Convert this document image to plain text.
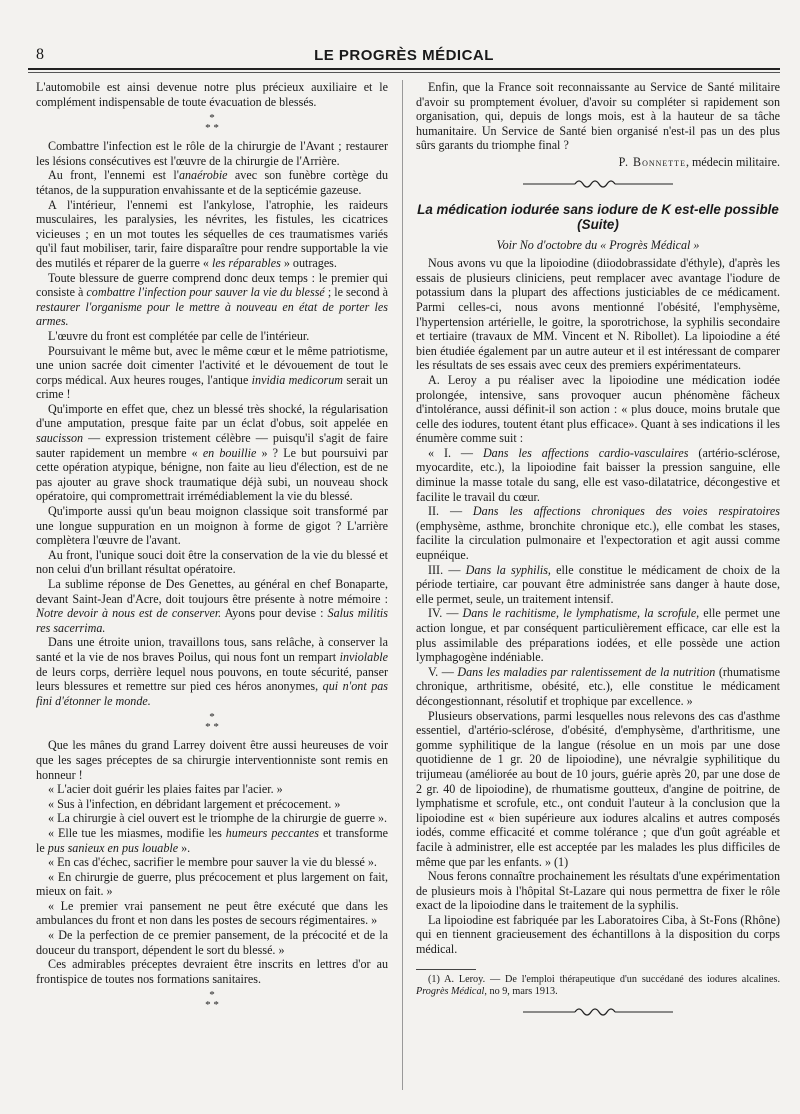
8	LE PROGRÈS MÉDICAL

L'automobile est ainsi devenue notre plus précieux auxiliaire et le complément indispensable de toute évacuation de blessés.

*
* *

Combattre l'infection est le rôle de la chirurgie de l'Avant ; restaurer les lésions consécutives est l'œuvre de la chirurgie de l'Arrière.

Au front, l'ennemi est l'anaérobie avec son funèbre cortège du tétanos, de la suppuration envahissante et de la septicémie gazeuse.

A l'intérieur, l'ennemi est l'ankylose, l'atrophie, les raideurs musculaires, les paralysies, les névrites, les fistules, les cicatrices vicieuses ; en un mot toutes les séquelles de ces traumatismes variés qu'il faut mobiliser, tarir, faire disparaître pour rendre supportable la vie des mutilés et réparer de la guerre « les réparables » outrages.

Toute blessure de guerre comprend donc deux temps : le premier qui consiste à combattre l'infection pour sauver la vie du blessé ; le second à restaurer l'organisme pour le mettre à nouveau en état de porter les armes.

L'œuvre du front est complétée par celle de l'intérieur.

Poursuivant le même but, avec le même cœur et le même patriotisme, une union sacrée doit cimenter l'activité et le dévouement de tout le corps médical. Aux heures rouges, l'antique invidia medicorum serait un crime !

Qu'importe en effet que, chez un blessé très shocké, la régularisation d'une amputation, presque faite par un éclat d'obus, soit appelée en saucisson — expression tristement célèbre — puisqu'il s'agit de faire sauter rapidement un membre « en bouillie » ? Le but poursuivi par cette opération atypique, bénigne, non faite au lieu d'élection, est de ne pas ajouter au grave shock traumatique déjà subi, un nouveau shock opératoire, qui compromettrait irrémédiablement la vie du blessé.

Qu'importe aussi qu'un beau moignon classique soit transformé par une longue suppuration en un moignon à forme de gigot ? L'arrière complètera l'œuvre de l'avant.

Au front, l'unique souci doit être la conservation de la vie du blessé et non celui d'un brillant résultat opératoire.

La sublime réponse de Des Genettes, au général en chef Bonaparte, devant Saint-Jean d'Acre, doit toujours être présente à notre mémoire : Notre devoir à nous est de conserver. Ayons pour devise : Salus militis res sacerrima.

Dans une étroite union, travaillons tous, sans relâche, à conserver la santé et la vie de nos braves Poilus, qui nous font un rempart inviolable de leurs corps, derrière lequel nous pouvons, en toute sécurité, panser leurs blessures et remettre sur pied ces héros anonymes, qui n'ont pas fini d'étonner le monde.

*
* *

Que les mânes du grand Larrey doivent être aussi heureuses de voir que les sages préceptes de sa chirurgie interventionniste sont remis en honneur !

« L'acier doit guérir les plaies faites par l'acier. »

« Sus à l'infection, en débridant largement et précocement. »

« La chirurgie à ciel ouvert est le triomphe de la chirurgie de guerre ».

« Elle tue les miasmes, modifie les humeurs peccantes et transforme le pus sanieux en pus louable ».

« En cas d'échec, sacrifier le membre pour sauver la vie du blessé ».

« En chirurgie de guerre, plus précocement et plus largement on fait, mieux on fait. »

« Le premier vrai pansement ne peut être exécuté que dans les ambulances du front et non dans les postes de secours régimentaires. »

« De la perfection de ce premier pansement, de la précocité et de la douceur du transport, dépendent le sort du blessé. »

Ces admirables préceptes devraient être inscrits en lettres d'or au frontispice de toutes nos formations sanitaires.

*
* *

Enfin, que la France soit reconnaissante au Service de Santé militaire d'avoir su promptement évoluer, d'avoir su compléter si rapidement son organisation, qui, depuis de longs mois, est à la hauteur de sa tâche humanitaire. Un Service de Santé bien organisé n'est-il pas un des plus sûrs garants du triomphe final ?

P. Bonnette, médecin militaire.
La médication iodurée sans iodure de K est-elle possible (Suite)
Voir No d'octobre du « Progrès Médical »

Nous avons vu que la lipoiodine (diiodobrassidate d'éthyle), d'après les essais de plusieurs cliniciens, peut remplacer avec avantage l'iodure de potassium dans la plupart des affections justiciables de ce médicament. Parmi celles-ci, nous avons mentionné l'obésité, l'emphysème, l'hypertension artérielle, le goitre, la sporotrichose, la syphilis secondaire et tertiaire (travaux de MM. Vincent et N. Ribollet). La lipoiodine a été bien étudiée également par un autre auteur et il est intéressant de comparer les résultats de ses essais avec ceux des premiers expérimentateurs.

A. Leroy a pu réaliser avec la lipoiodine une médication iodée prolongée, intensive, sans provoquer aucun phénomène fâcheux d'intolérance, aussi définit-il son action : « plus douce, moins brutale que celle des iodures, toutent étant plus efficace». Quant à ses indications il les énumère comme suit :

« I. — Dans les affections cardio-vasculaires (artério-sclérose, myocardite, etc.), la lipoiodine fait baisser la pression sanguine, elle diminue la masse totale du sang, elle est vaso-dilatatrice, décongestive et facilite le travail du cœur.

II. — Dans les affections chroniques des voies respiratoires (emphysème, asthme, bronchite chronique etc.), elle combat les stases, facilite la circulation pulmonaire et l'expectoration et agit aussi comme eupnéique.

III. — Dans la syphilis, elle constitue le médicament de choix de la période tertiaire, car pouvant être administrée sans danger à haute dose, elle permet, seule, un traitement intensif.

IV. — Dans le rachitisme, le lymphatisme, la scrofule, elle permet une action longue, et par conséquent particulièrement efficace, car elle est la plus assimilable des préparations iodées, et elle possède une action lymphagogène indéniable.

V. — Dans les maladies par ralentissement de la nutrition (rhumatisme chronique, arthritisme, obésité, etc.), elle constitue le médicament décongestionnant, résolutif et trophique par excellence. »

Plusieurs observations, parmi lesquelles nous relevons des cas d'asthme essentiel, d'artério-sclérose, d'obésité, d'emphysème, d'arthritisme, une gomme syphilitique de la langue (résolue en un mois par une dose quotidienne de 1 gr. 20 de lipoiodine), une névralgie syphilitique du trijumeau (améliorée au bout de 10 jours, guérie après 20, par une dose de 2 gr. 40 de lipoiodine), de rhumatisme goutteux, d'angine de poitrine, de lymphatisme et scrofule, etc., ont conduit l'auteur à la conclusion que la lipoiodine est « bien supérieure aux iodures alcalins et autres composés iodés, comme efficacité et comme tolérance ; que d'un goût agréable et facile à administrer, elle est acceptée par les malades les plus difficiles de même que par les enfants. » (1)

Nous ferons connaître prochainement les résultats d'une expérimentation de plusieurs mois à l'hôpital St-Lazare qui nous permettra de fixer le rôle exact de la lipoiodine dans le traitement de la syphilis.

La lipoiodine est fabriquée par les Laboratoires Ciba, à St-Fons (Rhône) qui en tiennent gracieusement des échantillons à la disposition du corps médical.

(1) A. Leroy. — De l'emploi thérapeutique d'un succédané des iodures alcalines. Progrès Médical, no 9, mars 1913.
